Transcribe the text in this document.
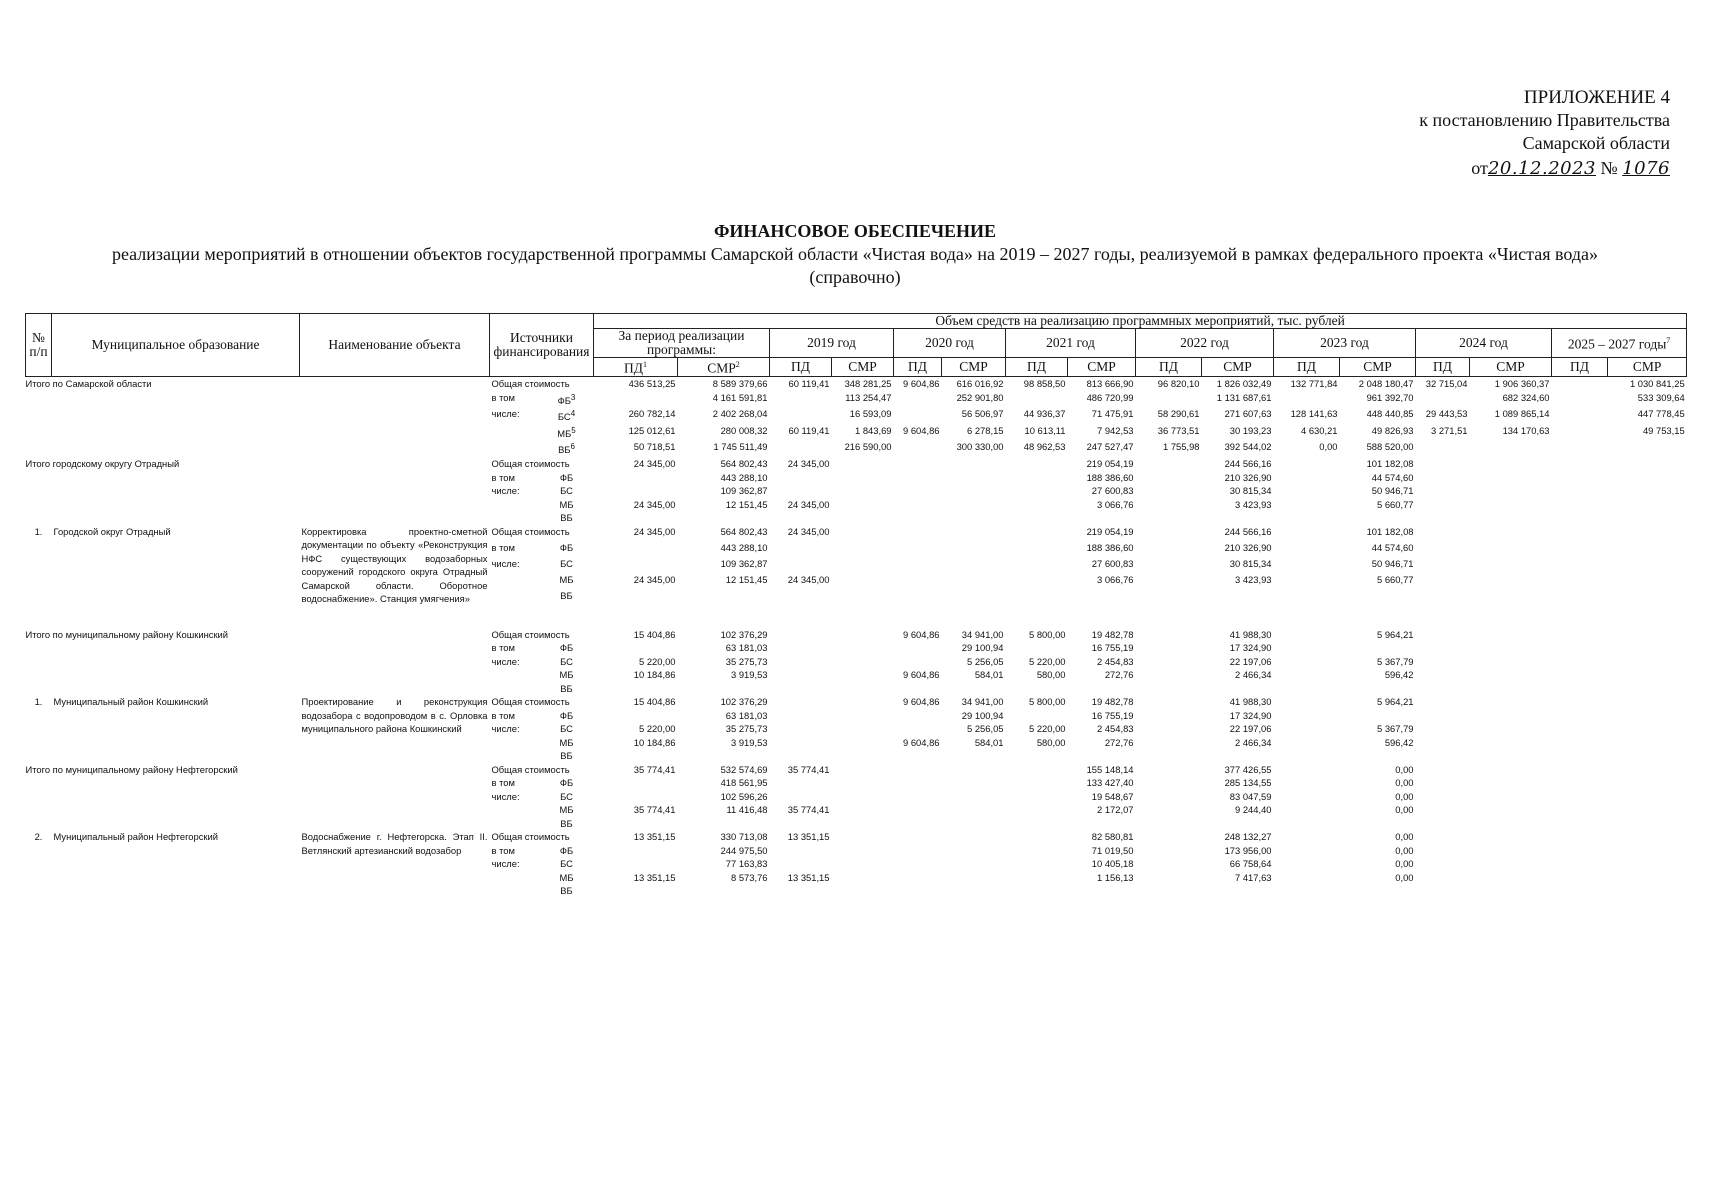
ПРИЛОЖЕНИЕ 4
к постановлению Правительства
Самарской области
от20.12.2023 № 1076
ФИНАНСОВОЕ ОБЕСПЕЧЕНИЕ
реализации мероприятий в отношении объектов государственной программы Самарской области «Чистая вода» на 2019 – 2027 годы, реализуемой в рамках федерального проекта «Чистая вода»
(справочно)
№ п/п	Муниципальное образование	Наименование объекта	Источники финансирования	Объем средств на реализацию программных мероприятий, тыс. рублей
За период реализации программы:	2019 год	2020 год	2021 год	2022 год	2023 год	2024 год	2025 – 2027 годы$^7$
$ПД^1$	СМР$^2$	ПД	СМР	ПД	СМР	ПД	СМР	ПД	СМР	ПД	СМР	ПД	СМР	ПД	СМР
	Итого по Самарской области		Общая стоимость	436 513,25	8 589 379,66	60 119,41	348 281,25	9 604,86	616 016,92	98 858,50	813 666,90	96 820,10	1 826 032,49	132 771,84	2 048 180,47	32 715,04	1 906 360,37		1 030 841,25
в том	$ФБ^3$		4 161 591,81		113 254,47		252 901,80		486 720,99		1 131 687,61		961 392,70		682 324,60		533 309,64
числе:	$БС^4$	260 782,14	2 402 268,04		16 593,09		56 506,97	44 936,37	71 475,91	58 290,61	271 607,63	128 141,63	448 440,85	29 443,53	1 089 865,14		447 778,45
	$МБ^5$	125 012,61	280 008,32	60 119,41	1 843,69	9 604,86	6 278,15	10 613,11	7 942,53	36 773,51	30 193,23	4 630,21	49 826,93	3 271,51	134 170,63		49 753,15
	$ВБ^6$	50 718,51	1 745 511,49		216 590,00		300 330,00	48 962,53	247 527,47	1 755,98	392 544,02	0,00	588 520,00				
	Итого городскому округу Отрадный		Общая стоимость	24 345,00	564 802,43	24 345,00					219 054,19		244 566,16		101 182,08				
в том	ФБ		443 288,10						188 386,60		210 326,90		44 574,60				
числе:	БС		109 362,87						27 600,83		30 815,34		50 946,71				
	МБ	24 345,00	12 151,45	24 345,00					3 066,76		3 423,93		5 660,77				
	ВБ																
1.	Городской округ Отрадный	Корректировка проектно-сметной документации по объекту «Реконструкция НФС существующих водозаборных сооружений городского округа Отрадный Самарской области. Оборотное водоснабжение». Станция умягчения»	Общая стоимость	24 345,00	564 802,43	24 345,00					219 054,19		244 566,16		101 182,08				
в том	ФБ		443 288,10						188 386,60		210 326,90		44 574,60				
числе:	БС		109 362,87						27 600,83		30 815,34		50 946,71				
	МБ	24 345,00	12 151,45	24 345,00					3 066,76		3 423,93		5 660,77				
	ВБ																

	Итого по муниципальному району Кошкинский		Общая стоимость	15 404,86	102 376,29			9 604,86	34 941,00	5 800,00	19 482,78		41 988,30		5 964,21				
в том	ФБ		63 181,03				29 100,94		16 755,19		17 324,90						
числе:	БС	5 220,00	35 275,73				5 256,05	5 220,00	2 454,83		22 197,06		5 367,79				
	МБ	10 184,86	3 919,53			9 604,86	584,01	580,00	272,76		2 466,34		596,42				
	ВБ																
1.	Муниципальный район Кошкинский	Проектирование и реконструкция водозабора с водопроводом в с. Орловка муниципального района Кошкинский	Общая стоимость	15 404,86	102 376,29			9 604,86	34 941,00	5 800,00	19 482,78		41 988,30		5 964,21				
в том	ФБ		63 181,03				29 100,94		16 755,19		17 324,90						
числе:	БС	5 220,00	35 275,73				5 256,05	5 220,00	2 454,83		22 197,06		5 367,79				
	МБ	10 184,86	3 919,53			9 604,86	584,01	580,00	272,76		2 466,34		596,42				
	ВБ																
	Итого по муниципальному району Нефтегорский		Общая стоимость	35 774,41	532 574,69	35 774,41					155 148,14		377 426,55		0,00				
в том	ФБ		418 561,95						133 427,40		285 134,55		0,00				
числе:	БС		102 596,26						19 548,67		83 047,59		0,00				
	МБ	35 774,41	11 416,48	35 774,41					2 172,07		9 244,40		0,00				
	ВБ																
2.	Муниципальный район Нефтегорский	Водоснабжение г. Нефтегорска. Этап II. Ветлянский артезианский водозабор	Общая стоимость	13 351,15	330 713,08	13 351,15					82 580,81		248 132,27		0,00				
в том	ФБ		244 975,50						71 019,50		173 956,00		0,00				
числе:	БС		77 163,83						10 405,18		66 758,64		0,00				
	МБ	13 351,15	8 573,76	13 351,15					1 156,13		7 417,63		0,00				
	ВБ																
